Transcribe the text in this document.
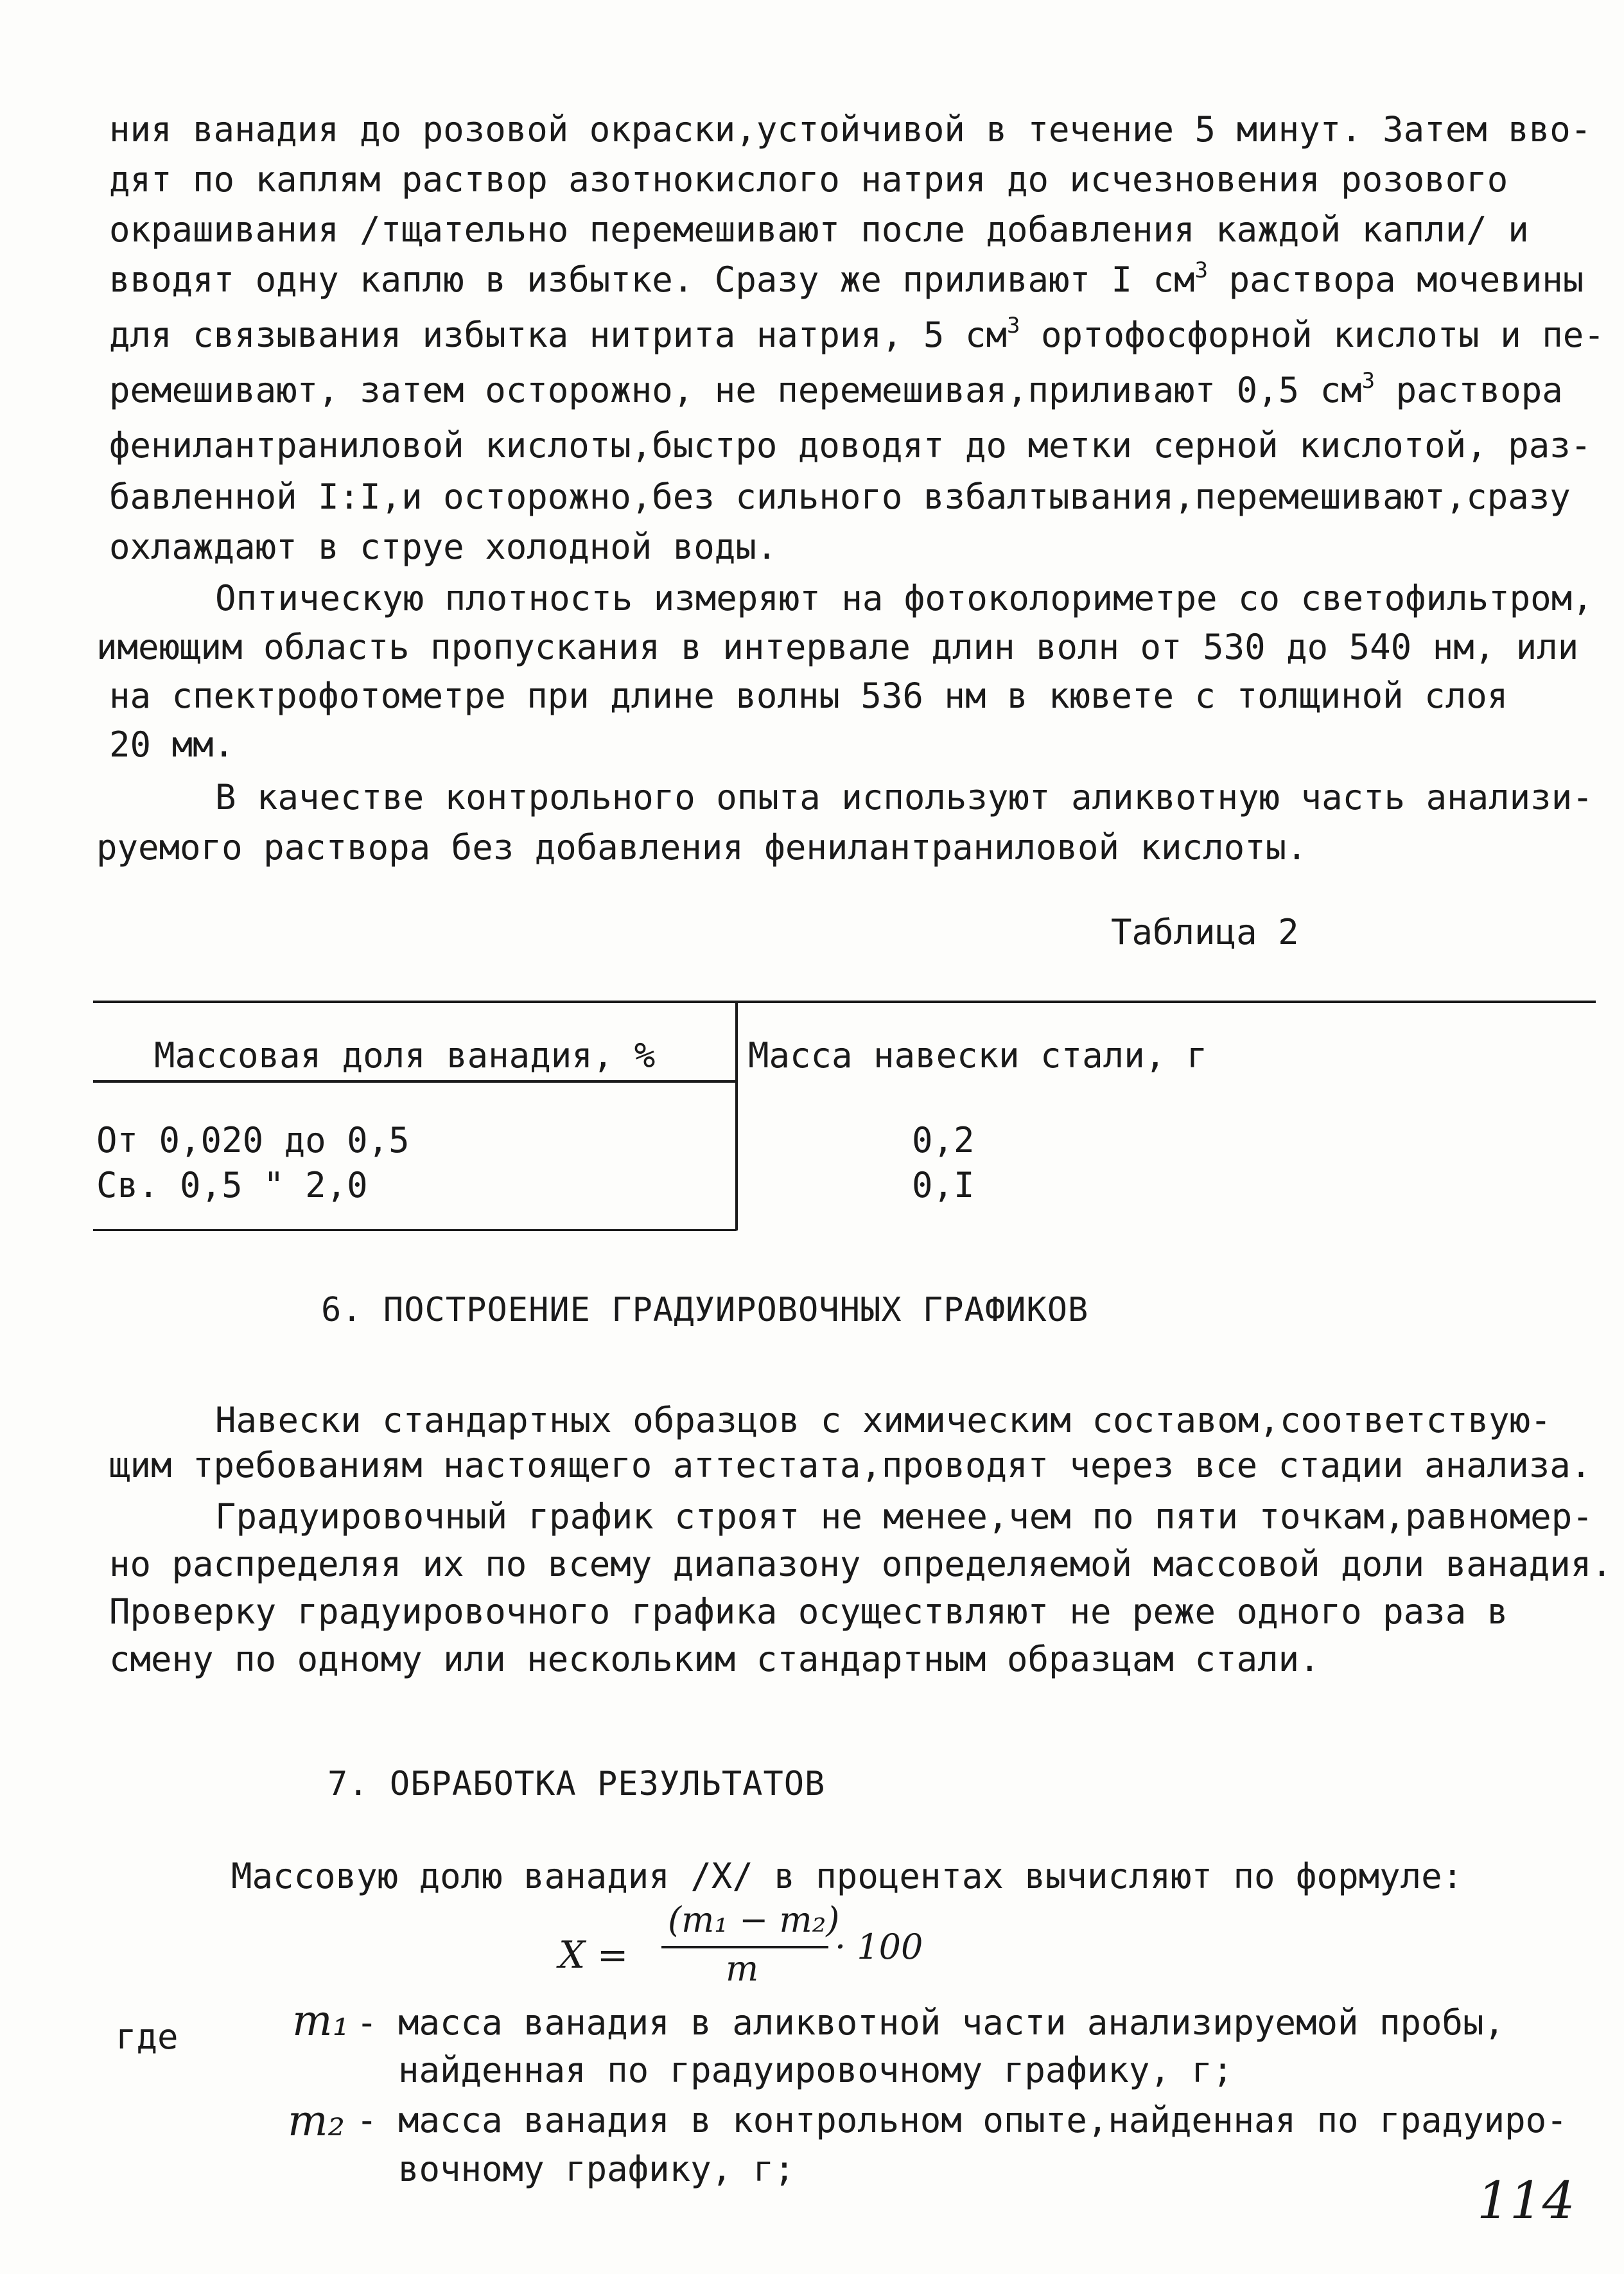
ния ванадия до розовой окраски,устойчивой в течение 5 минут. Затем вво-
дят по каплям раствор азотнокислого натрия до исчезновения розового
окрашивания /тщательно перемешивают после добавления каждой капли/ и
вводят одну каплю в избытке. Сразу же приливают I $см^3$ раствора мочевины
для связывания избытка нитрита натрия, 5 $см^3$ ортофосфорной кислоты и пе-
ремешивают, затем осторожно, не перемешивая,приливают 0,5 $см^3$ раствора
фенилантраниловой кислоты,быстро доводят до метки серной кислотой, раз-
бавленной I:I,и осторожно,без сильного взбалтывания,перемешивают,сразу
охлаждают в струе холодной воды.
Оптическую плотность измеряют на фотоколориметре со светофильтром,
имеющим область пропускания в интервале длин волн от 530 до 540 нм, или
на спектрофотометре при длине волны 536 нм в кювете с толщиной слоя
20 мм.
В качестве контрольного опыта используют аликвотную часть анализи-
руемого раствора без добавления фенилантраниловой кислоты.
Таблица 2
Массовая доля ванадия, %	Масса навески стали, г
От 0,020 до 0,5	0,2
Св. 0,5 " 2,0	0,I
6. ПОСТРОЕНИЕ ГРАДУИРОВОЧНЫХ ГРАФИКОВ
Навески стандартных образцов с химическим составом,соответствую-
щим требованиям настоящего аттестата,проводят через все стадии анализа.
Градуировочный график строят не менее,чем по пяти точкам,равномер-
но распределяя их по всему диапазону определяемой массовой доли ванадия.
Проверку градуировочного графика осуществляют не реже одного раза в
смену по одному или нескольким стандартным образцам стали.
7. ОБРАБОТКА РЕЗУЛЬТАТОВ
Массовую долю ванадия /Х/ в процентах вычисляют по формуле:
X =
(m₁ − m₂)
m
· 100
где	m₁ - масса ванадия в аликвотной части анализируемой пробы,
найденная по градуировочному графику, г;
m₂ - масса ванадия в контрольном опыте,найденная по градуиро-
вочному графику, г;
114
